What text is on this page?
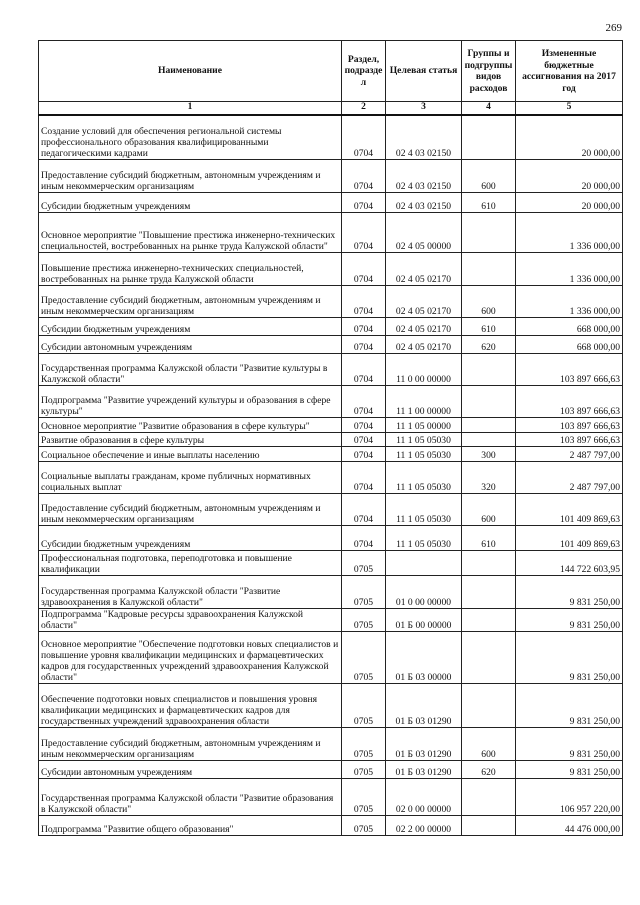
269
Наименование	Раздел, подразде л	Целевая статья	Группы и подгруппы видов расходов	Измененные бюджетные ассигнования на 2017 год
1	2	3	4	5
Создание условий для обеспечения региональной системы профессионального образования квалифицированными педагогическими кадрами	0704	02 4 03 02150		20 000,00
Предоставление субсидий бюджетным, автономным учреждениям и иным некоммерческим организациям	0704	02 4 03 02150	600	20 000,00
Субсидии бюджетным учреждениям	0704	02 4 03 02150	610	20 000,00
Основное мероприятие "Повышение престижа инженерно-технических специальностей, востребованных на рынке труда Калужской области"	0704	02 4 05 00000		1 336 000,00
Повышение престижа инженерно-технических специальностей, востребованных на рынке труда Калужской области	0704	02 4 05 02170		1 336 000,00
Предоставление субсидий бюджетным, автономным учреждениям и иным некоммерческим организациям	0704	02 4 05 02170	600	1 336 000,00
Субсидии бюджетным учреждениям	0704	02 4 05 02170	610	668 000,00
Субсидии автономным учреждениям	0704	02 4 05 02170	620	668 000,00
Государственная программа Калужской области "Развитие культуры в Калужской области"	0704	11 0 00 00000		103 897 666,63
Подпрограмма "Развитие учреждений культуры и образования в сфере культуры"	0704	11 1 00 00000		103 897 666,63
Основное мероприятие "Развитие образования в сфере культуры"	0704	11 1 05 00000		103 897 666,63
Развитие образования в сфере культуры	0704	11 1 05 05030		103 897 666,63
Социальное обеспечение и иные выплаты населению	0704	11 1 05 05030	300	2 487 797,00
Социальные выплаты гражданам, кроме публичных нормативных социальных выплат	0704	11 1 05 05030	320	2 487 797,00
Предоставление субсидий бюджетным, автономным учреждениям и иным некоммерческим организациям	0704	11 1 05 05030	600	101 409 869,63
Субсидии бюджетным учреждениям	0704	11 1 05 05030	610	101 409 869,63
Профессиональная подготовка, переподготовка и повышение квалификации	0705			144 722 603,95
Государственная программа Калужской области "Развитие здравоохранения в Калужской области"	0705	01 0 00 00000		9 831 250,00
Подпрограмма "Кадровые ресурсы здравоохранения Калужской области"	0705	01 Б 00 00000		9 831 250,00
Основное мероприятие "Обеспечение подготовки новых специалистов и повышение уровня квалификации медицинских и фармацевтических кадров для государственных учреждений здравоохранения Калужской области"	0705	01 Б 03 00000		9 831 250,00
Обеспечение подготовки новых специалистов и повышения уровня квалификации медицинских и фармацевтических кадров для государственных учреждений здравоохранения области	0705	01 Б 03 01290		9 831 250,00
Предоставление субсидий бюджетным, автономным учреждениям и иным некоммерческим организациям	0705	01 Б 03 01290	600	9 831 250,00
Субсидии автономным учреждениям	0705	01 Б 03 01290	620	9 831 250,00
Государственная программа Калужской области "Развитие образования в Калужской области"	0705	02 0 00 00000		106 957 220,00
Подпрограмма "Развитие общего образования"	0705	02 2 00 00000		44 476 000,00
